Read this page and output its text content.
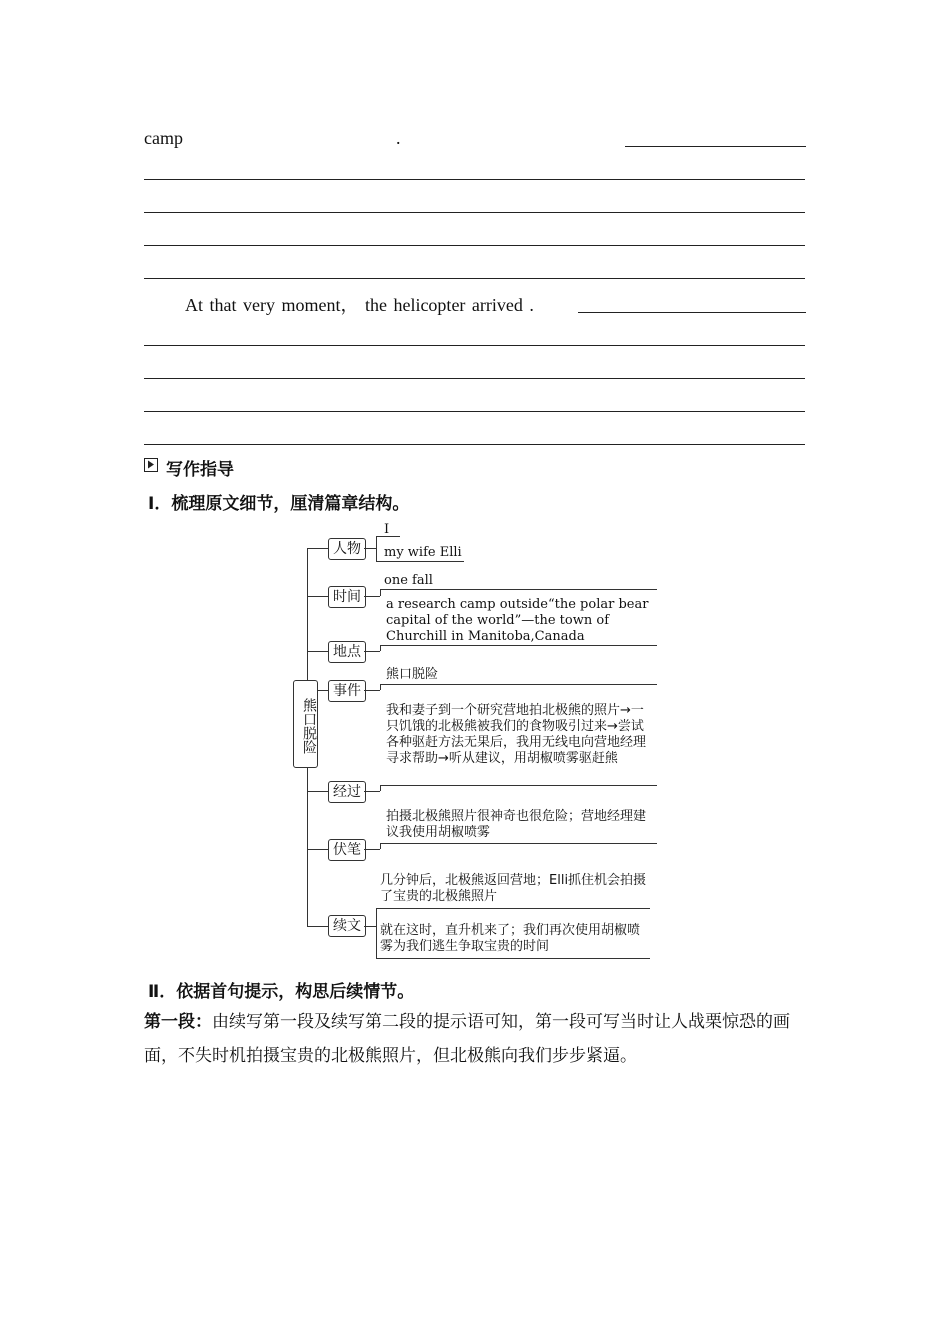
camp	.
At that very moment， the helicopter arrived .
写作指导
Ⅰ．梳理原文细节，厘清篇章结构。
熊口脱险
人物
时间
地点
事件
经过
伏笔
续文
I
my wife Elli
one fall
a research camp outside“the polar bear capital of the world”—the town of Churchill in Manitoba,Canada
熊口脱险
我和妻子到一个研究营地拍北极熊的照片→一只饥饿的北极熊被我们的食物吸引过来→尝试各种驱赶方法无果后，我用无线电向营地经理寻求帮助→听从建议，用胡椒喷雾驱赶熊
拍摄北极熊照片很神奇也很危险；营地经理建议我使用胡椒喷雾
几分钟后，北极熊返回营地；Elli抓住机会拍摄了宝贵的北极熊照片
就在这时，直升机来了；我们再次使用胡椒喷雾为我们逃生争取宝贵的时间
Ⅱ．依据首句提示，构思后续情节。
第一段：由续写第一段及续写第二段的提示语可知，第一段可写当时让人战栗惊恐的画面，不失时机拍摄宝贵的北极熊照片，但北极熊向我们步步紧逼。
